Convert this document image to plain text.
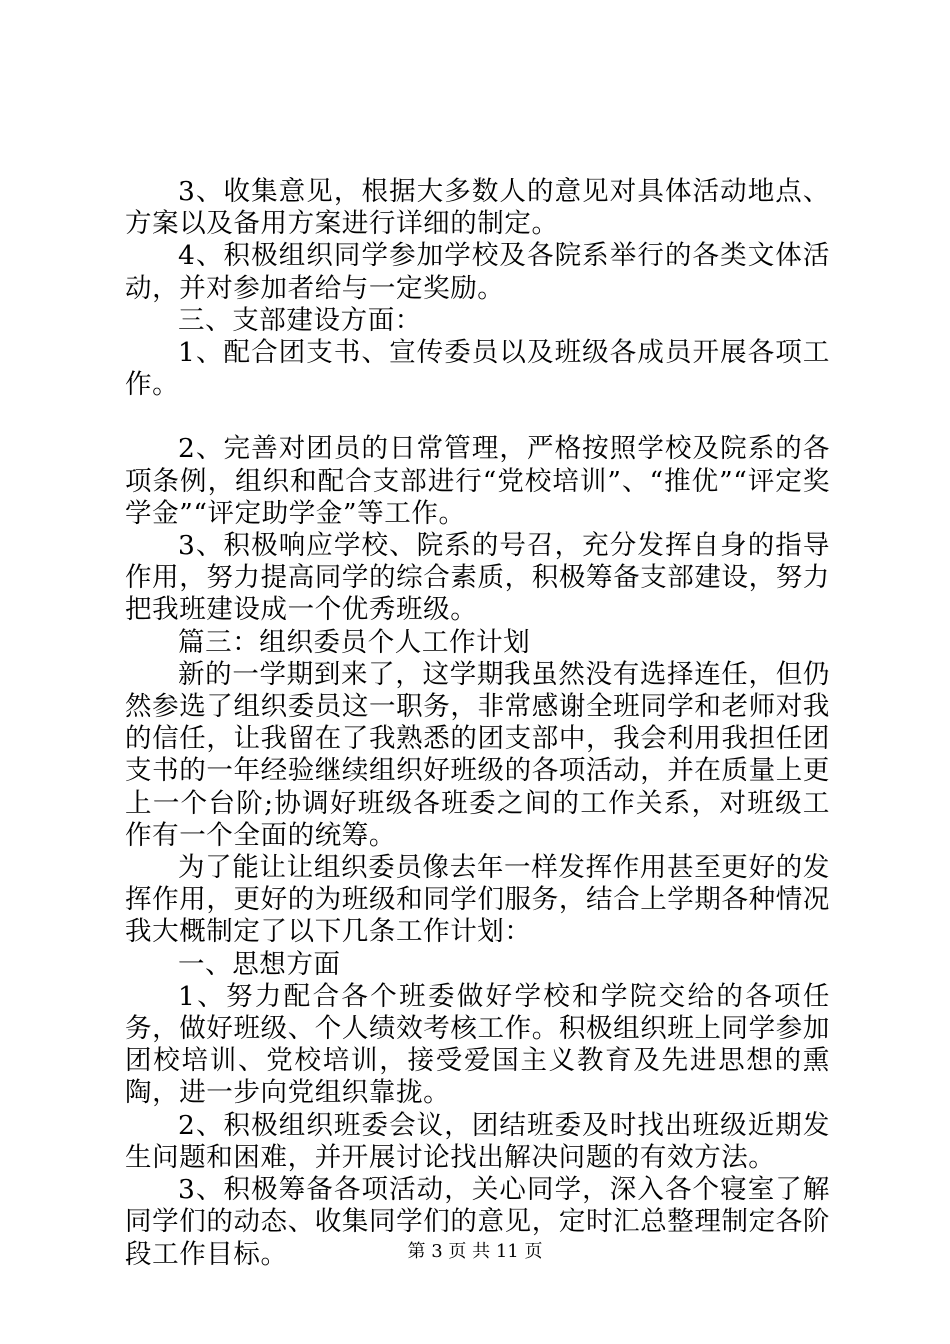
3、收集意见，根据大多数人的意见对具体活动地点、方案以及备用方案进行详细的制定。

4、积极组织同学参加学校及各院系举行的各类文体活动，并对参加者给与一定奖励。

三、支部建设方面：

1、配合团支书、宣传委员以及班级各成员开展各项工作。

2、完善对团员的日常管理，严格按照学校及院系的各项条例，组织和配合支部进行“党校培训”、“推优”“评定奖学金”“评定助学金”等工作。

3、积极响应学校、院系的号召，充分发挥自身的指导作用，努力提高同学的综合素质，积极筹备支部建设，努力把我班建设成一个优秀班级。

篇三：组织委员个人工作计划

新的一学期到来了，这学期我虽然没有选择连任，但仍然参选了组织委员这一职务，非常感谢全班同学和老师对我的信任，让我留在了我熟悉的团支部中，我会利用我担任团支书的一年经验继续组织好班级的各项活动，并在质量上更上一个台阶;协调好班级各班委之间的工作关系，对班级工作有一个全面的统筹。

为了能让让组织委员像去年一样发挥作用甚至更好的发挥作用，更好的为班级和同学们服务，结合上学期各种情况我大概制定了以下几条工作计划：

一、思想方面

1、努力配合各个班委做好学校和学院交给的各项任务，做好班级、个人绩效考核工作。积极组织班上同学参加团校培训、党校培训，接受爱国主义教育及先进思想的熏陶，进一步向党组织靠拢。

2、积极组织班委会议，团结班委及时找出班级近期发生问题和困难，并开展讨论找出解决问题的有效方法。

3、积极筹备各项活动，关心同学，深入各个寝室了解同学们的动态、收集同学们的意见，定时汇总整理制定各阶段工作目标。	第 3 页 共 11 页
